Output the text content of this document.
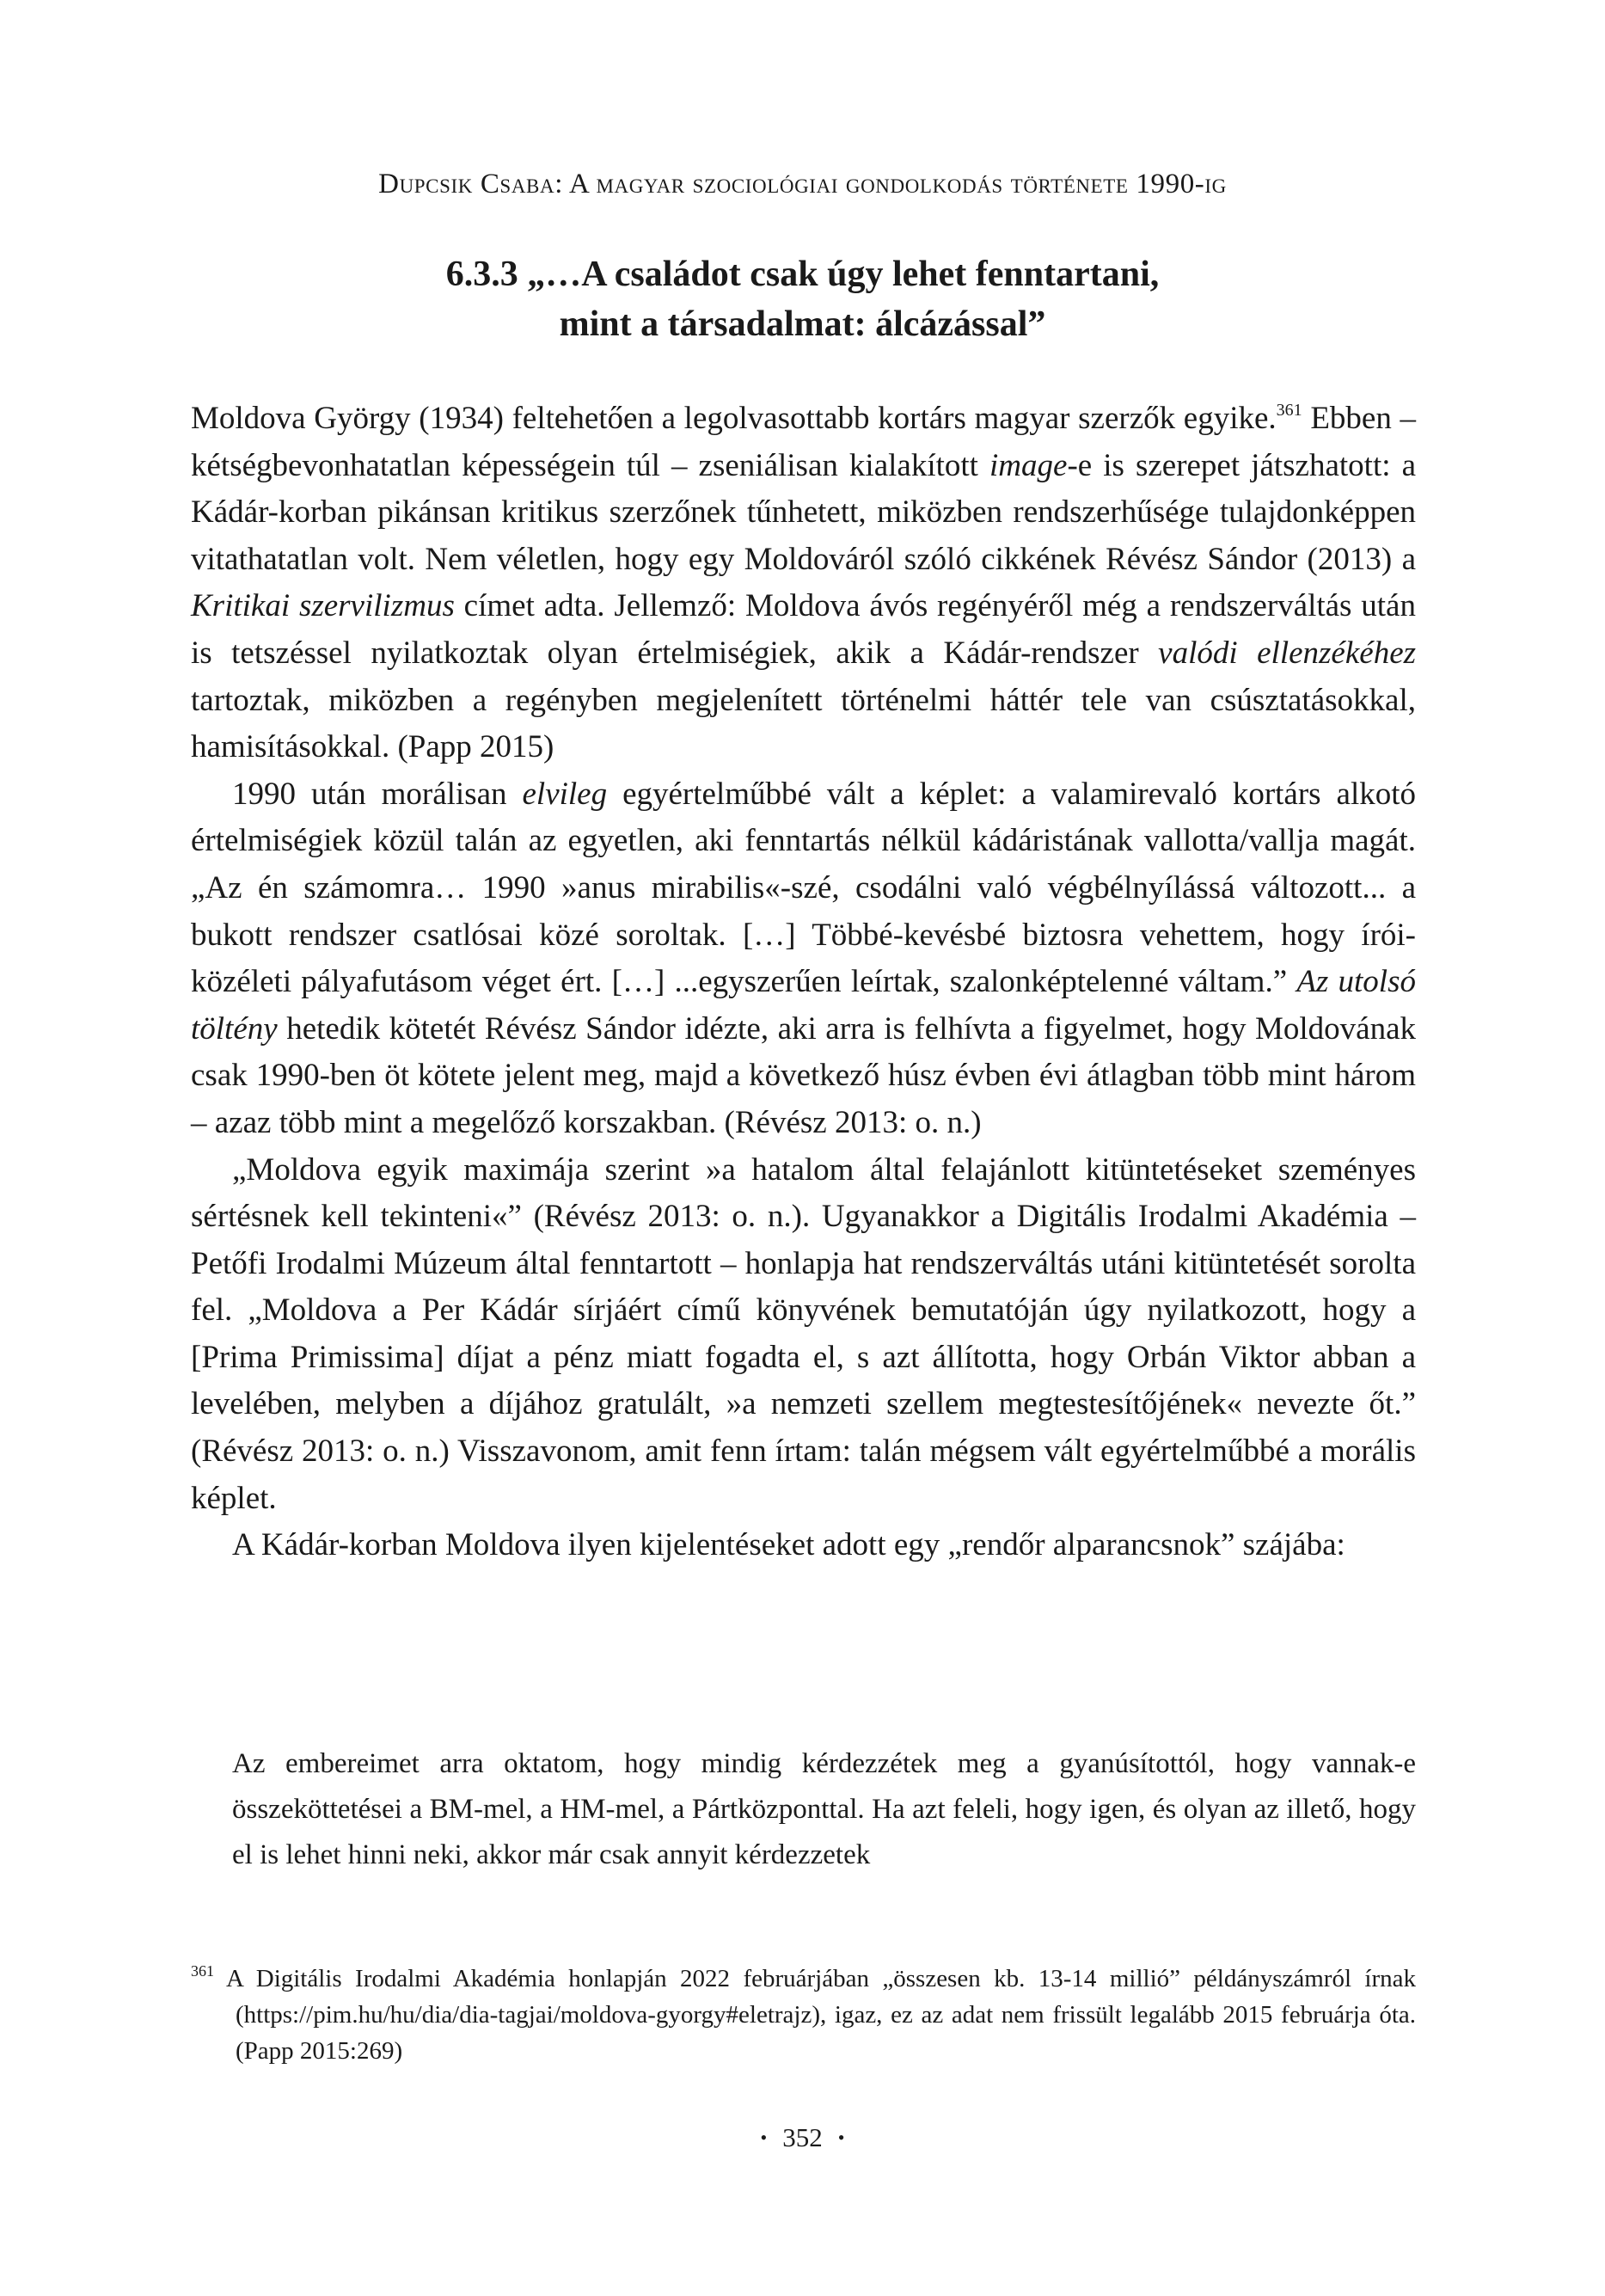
Dupcsik Csaba: A magyar szociológiai gondolkodás története 1990-ig
6.3.3 „…A családot csak úgy lehet fenntartani,
mint a társadalmat: álcázással”

Moldova György (1934) feltehetően a legolvasottabb kortárs magyar szerzők egyike.$^{361}$ Ebben – kétségbevonhatatlan képességein túl – zseniálisan kialakított image-e is szerepet játszhatott: a Kádár-korban pikánsan kritikus szerzőnek tűnhetett, miközben rendszerhűsége tulajdonképpen vitathatatlan volt. Nem véletlen, hogy egy Moldováról szóló cikkének Révész Sándor (2013) a Kritikai szervilizmus címet adta. Jellemző: Moldova ávós regényéről még a rendszerváltás után is tetszéssel nyilatkoztak olyan értelmiségiek, akik a Kádár-rendszer valódi ellenzékéhez tartoztak, miközben a regényben megjelenített történelmi háttér tele van csúsztatásokkal, hamisításokkal. (Papp 2015)

1990 után morálisan elvileg egyértelműbbé vált a képlet: a valamirevaló kortárs alkotó értelmiségiek közül talán az egyetlen, aki fenntartás nélkül kádáristának vallotta/vallja magát. „Az én számomra… 1990 »anus mirabilis«-szé, csodálni való végbélnyílássá változott... a bukott rendszer csatlósai közé soroltak. […] Többé-kevésbé biztosra vehettem, hogy írói-közéleti pályafutásom véget ért. […] ...egyszerűen leírtak, szalonképtelenné váltam.” Az utolsó töltény hetedik kötetét Révész Sándor idézte, aki arra is felhívta a figyelmet, hogy Moldovának csak 1990-ben öt kötete jelent meg, majd a következő húsz évben évi átlagban több mint három – azaz több mint a megelőző korszakban. (Révész 2013: o. n.)

„Moldova egyik maximája szerint »a hatalom által felajánlott kitüntetéseket szeményes sértésnek kell tekinteni«” (Révész 2013: o. n.). Ugyanakkor a Digitális Irodalmi Akadémia – Petőfi Irodalmi Múzeum által fenntartott – honlapja hat rendszerváltás utáni kitüntetését sorolta fel. „Moldova a Per Kádár sírjáért című könyvének bemutatóján úgy nyilatkozott, hogy a [Prima Primissima] díjat a pénz miatt fogadta el, s azt állította, hogy Orbán Viktor abban a levelében, melyben a díjához gratulált, »a nemzeti szellem megtestesítőjének« nevezte őt.” (Révész 2013: o. n.) Visszavonom, amit fenn írtam: talán mégsem vált egyértelműbbé a morális képlet.

A Kádár-korban Moldova ilyen kijelentéseket adott egy „rendőr alparancsnok” szájába:

Az embereimet arra oktatom, hogy mindig kérdezzétek meg a gyanúsítottól, hogy vannak-e összeköttetései a BM-mel, a HM-mel, a Pártközponttal. Ha azt feleli, hogy igen, és olyan az illető, hogy el is lehet hinni neki, akkor már csak annyit kérdezzetek
$^{361}$ A Digitális Irodalmi Akadémia honlapján 2022 februárjában „összesen kb. 13-14 millió” példányszámról írnak (https://pim.hu/hu/dia/dia-tagjai/moldova-gyorgy#eletrajz), igaz, ez az adat nem frissült legalább 2015 februárja óta. (Papp 2015:269)
• 352 •
